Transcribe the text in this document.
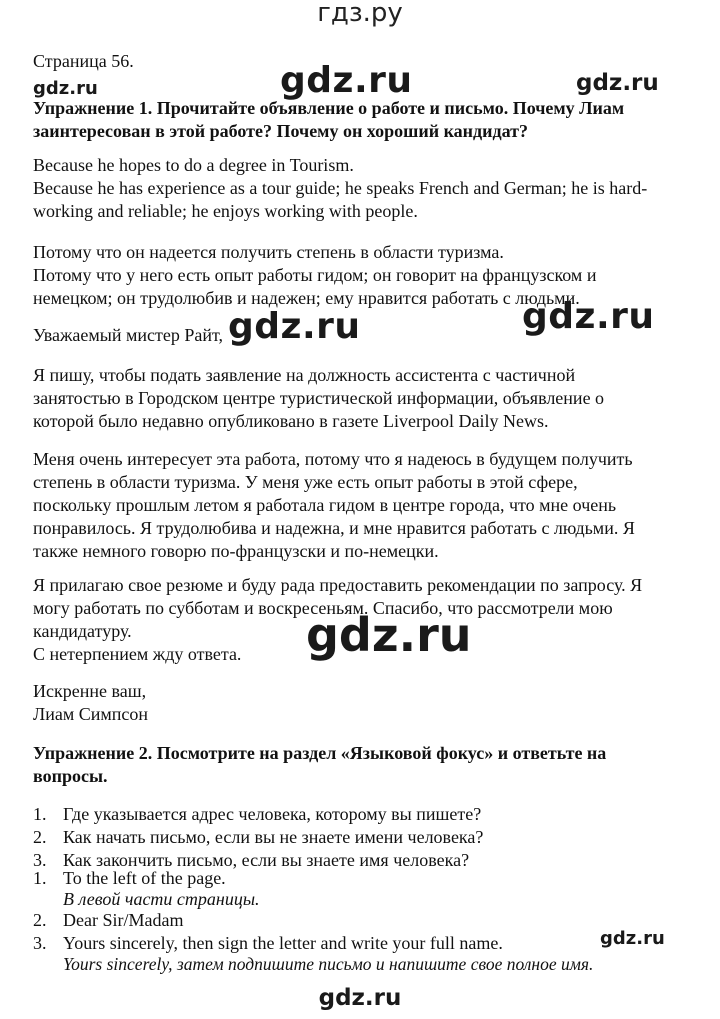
гдз.ру
Страница 56.
gdz.ru	gdz.ru	gdz.ru
Упражнение 1. Прочитайте объявление о работе и письмо. Почему Лиам
заинтересован в этой работе? Почему он хороший кандидат?
Because he hopes to do a degree in Tourism.
Because he has experience as a tour guide; he speaks French and German; he is hard-
working and reliable; he enjoys working with people.
Потому что он надеется получить степень в области туризма.
Потому что у него есть опыт работы гидом; он говорит на французском и
немецком; он трудолюбив и надежен; ему нравится работать с людьми.
Уважаемый мистер Райт, gdz.ru	gdz.ru
Я пишу, чтобы подать заявление на должность ассистента с частичной
занятостью в Городском центре туристической информации, объявление о
которой было недавно опубликовано в газете Liverpool Daily News.
Меня очень интересует эта работа, потому что я надеюсь в будущем получить
степень в области туризма. У меня уже есть опыт работы в этой сфере,
поскольку прошлым летом я работала гидом в центре города, что мне очень
понравилось. Я трудолюбива и надежна, и мне нравится работать с людьми. Я
также немного говорю по-французски и по-немецки.
Я прилагаю свое резюме и буду рада предоставить рекомендации по запросу. Я
могу работать по субботам и воскресеньям. Спасибо, что рассмотрели мою
кандидатуру.
С нетерпением жду ответа. gdz.ru
Искренне ваш,
Лиам Симпсон
Упражнение 2. Посмотрите на раздел «Языковой фокус» и ответьте на
вопросы.
1. Где указывается адрес человека, которому вы пишете?
2. Как начать письмо, если вы не знаете имени человека?
3. Как закончить письмо, если вы знаете имя человека?
1. To the left of the page.
В левой части страницы.
2. Dear Sir/Madam
3. Yours sincerely, then sign the letter and write your full name.
Yours sincerely, затем подпишите письмо и напишите свое полное имя.
gdz.ru
gdz.ru
